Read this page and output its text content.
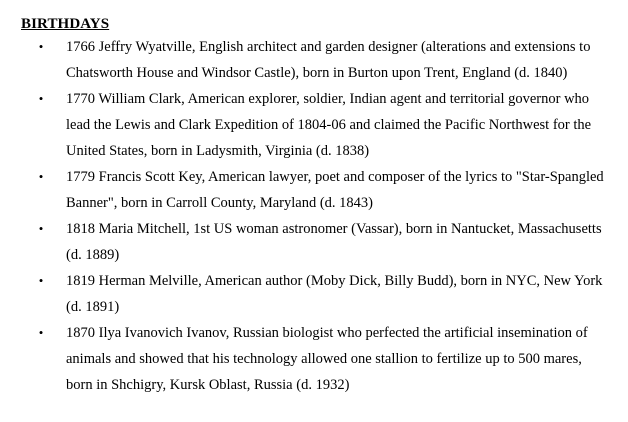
BIRTHDAYS
• 1766 Jeffry Wyatville, English architect and garden designer (alterations and extensions to Chatsworth House and Windsor Castle), born in Burton upon Trent, England (d. 1840)
• 1770 William Clark, American explorer, soldier, Indian agent and territorial governor who lead the Lewis and Clark Expedition of 1804-06 and claimed the Pacific Northwest for the United States, born in Ladysmith, Virginia (d. 1838)
• 1779 Francis Scott Key, American lawyer, poet and composer of the lyrics to "Star-Spangled Banner", born in Carroll County, Maryland (d. 1843)
• 1818 Maria Mitchell, 1st US woman astronomer (Vassar), born in Nantucket, Massachusetts (d. 1889)
• 1819 Herman Melville, American author (Moby Dick, Billy Budd), born in NYC, New York (d. 1891)
• 1870 Ilya Ivanovich Ivanov, Russian biologist who perfected the artificial insemination of animals and showed that his technology allowed one stallion to fertilize up to 500 mares, born in Shchigry, Kursk Oblast, Russia (d. 1932)
